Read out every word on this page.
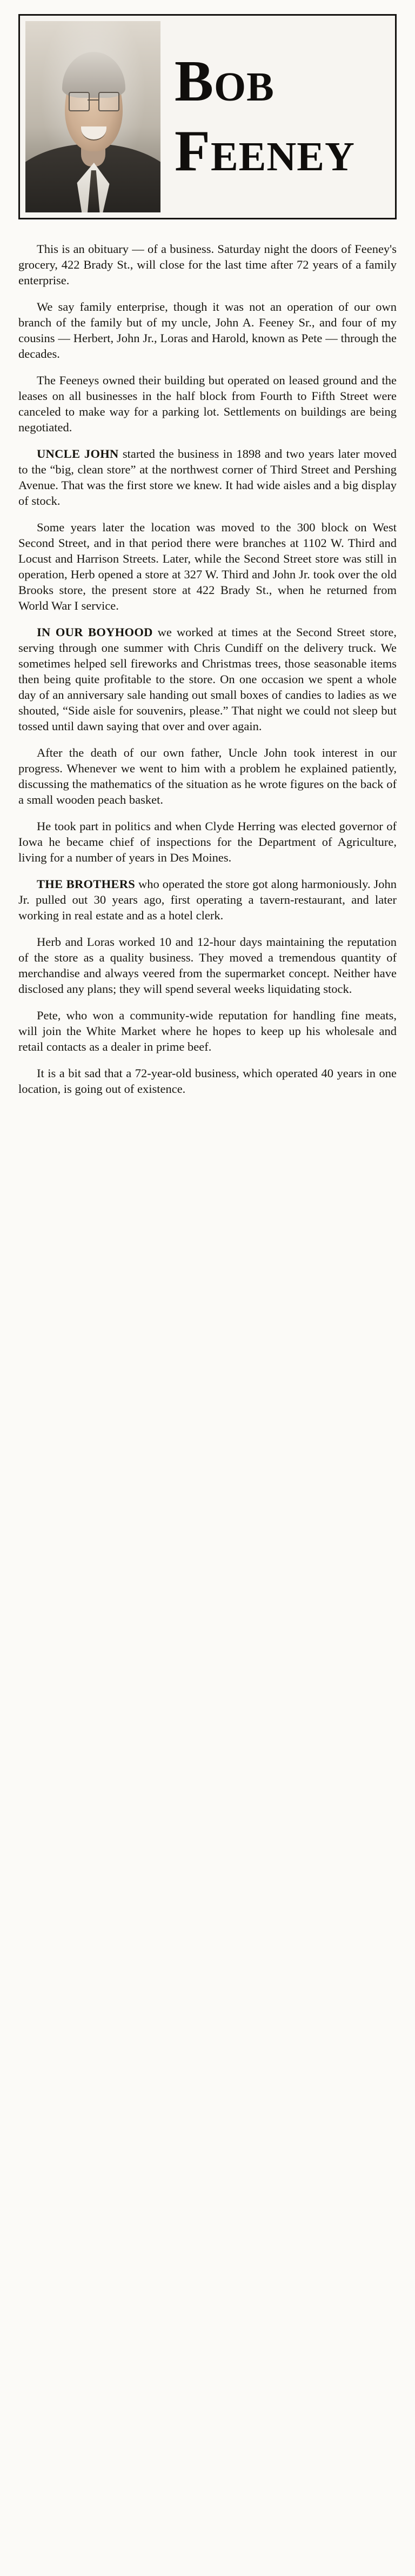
BOB
FEENEY

This is an obituary — of a business. Saturday night the doors of Feeney's grocery, 422 Brady St., will close for the last time after 72 years of a family enterprise.

We say family enterprise, though it was not an operation of our own branch of the family but of my uncle, John A. Feeney Sr., and four of my cousins — Herbert, John Jr., Loras and Harold, known as Pete — through the decades.

The Feeneys owned their building but operated on leased ground and the leases on all businesses in the half block from Fourth to Fifth Street were canceled to make way for a parking lot. Settlements on buildings are being negotiated.

UNCLE JOHN started the business in 1898 and two years later moved to the “big, clean store” at the northwest corner of Third Street and Pershing Avenue. That was the first store we knew. It had wide aisles and a big display of stock.

Some years later the location was moved to the 300 block on West Second Street, and in that period there were branches at 1102 W. Third and Locust and Harrison Streets. Later, while the Second Street store was still in operation, Herb opened a store at 327 W. Third and John Jr. took over the old Brooks store, the present store at 422 Brady St., when he returned from World War I service.

IN OUR BOYHOOD we worked at times at the Second Street store, serving through one summer with Chris Cundiff on the delivery truck. We sometimes helped sell fireworks and Christmas trees, those seasonable items then being quite profitable to the store. On one occasion we spent a whole day of an anniversary sale handing out small boxes of candies to ladies as we shouted, “Side aisle for souvenirs, please.” That night we could not sleep but tossed until dawn saying that over and over again.

After the death of our own father, Uncle John took interest in our progress. Whenever we went to him with a problem he explained patiently, discussing the mathematics of the situation as he wrote figures on the back of a small wooden peach basket.

He took part in politics and when Clyde Herring was elected governor of Iowa he became chief of inspections for the Department of Agriculture, living for a number of years in Des Moines.

THE BROTHERS who operated the store got along harmoniously. John Jr. pulled out 30 years ago, first operating a tavern-restaurant, and later working in real estate and as a hotel clerk.

Herb and Loras worked 10 and 12-hour days maintaining the reputation of the store as a quality business. They moved a tremendous quantity of merchandise and always veered from the supermarket concept. Neither have disclosed any plans; they will spend several weeks liquidating stock.

Pete, who won a community-wide reputation for handling fine meats, will join the White Market where he hopes to keep up his wholesale and retail contacts as a dealer in prime beef.

It is a bit sad that a 72-year-old business, which operated 40 years in one location, is going out of existence.
